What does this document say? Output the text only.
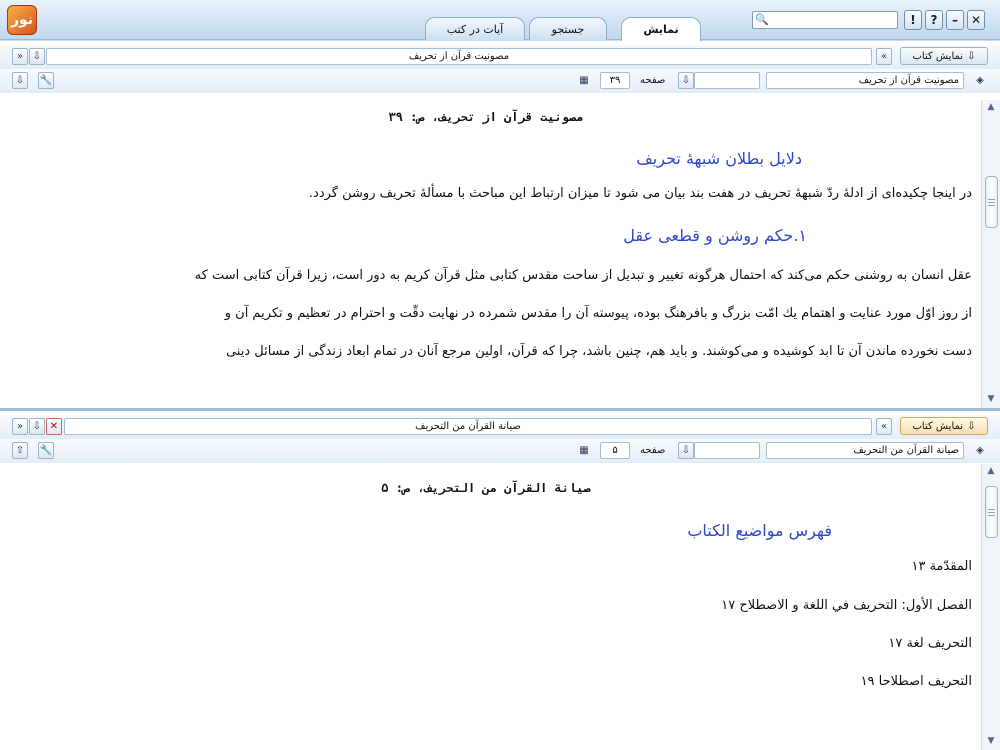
نور
آیات در کتب	جستجو	نمایش
🔍	!	?	–	✕
» ⇩	مصونیت قرآن از تحریف	«	نمایش کتاب ⇩
⇩	🔧	▦	۳۹	صفحه	⇩	مصونیت قرآن از تحریف	◈
مصونیت قرآن از تحریف، ص: ۳۹
دلایل بطلان شبههٔ تحریف
در اینجا چکیده‌ای از ادلهٔ ردّ شبههٔ تحریف در هفت بند بیان می شود تا میزان ارتباط این مباحث با مسألهٔ تحریف روشن گردد.
۱.حکم روشن و قطعی عقل
عقل انسان به روشنی حکم می‌کند که احتمال هرگونه تغییر و تبدیل از ساحت مقدس کتابی مثل قرآن کریم به دور است، زیرا قرآن کتابی است که
از روز اوّل مورد عنایت و اهتمام یك امّت بزرگ و بافرهنگ بوده، پیوسته آن را مقدس شمرده در نهایت دقّت و احترام در تعظیم و تکریم آن و
دست نخورده ماندن آن تا ابد کوشیده و می‌کوشند. و باید هم، چنین باشد، چرا که قرآن، اولین مرجع آنان در تمام ابعاد زندگی از مسائل دینی
▲
▼
» ⇩ ✕	صيانة القرآن من التحريف	«	نمایش کتاب ⇩
⇧	🔧	▦	۵	صفحه	⇩	صيانة القرآن من التحريف	◈
صيانة القرآن من التحريف، ص: ۵
فهرس مواضيع الكتاب
المقدّمة ۱۳
الفصل الأول: التحريف في اللغة و الاصطلاح ۱۷
التحريف لغة ۱۷
التحريف اصطلاحا ۱۹
▲
▼
